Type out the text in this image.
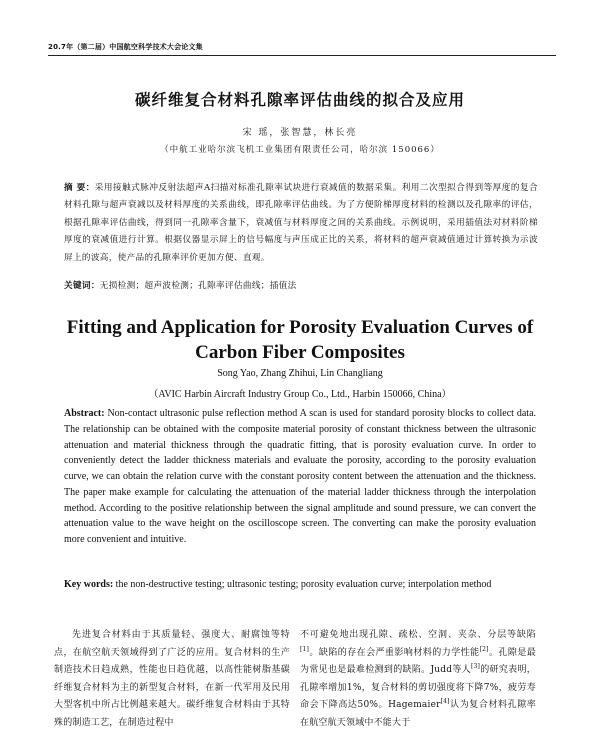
20.7年（第二届）中国航空科学技术大会论文集
碳纤维复合材料孔隙率评估曲线的拟合及应用
宋 瑶，张智慧，林长亮
（中航工业哈尔滨飞机工业集团有限责任公司，哈尔滨 150066）
摘 要：采用接触式脉冲反射法超声A扫描对标准孔隙率试块进行衰减值的数据采集。利用二次型拟合得到等厚度的复合材料孔隙与超声衰减以及材料厚度的关系曲线，即孔隙率评估曲线。为了方便阶梯厚度材料的检测以及孔隙率的评估，根据孔隙率评估曲线，得到同一孔隙率含量下，衰减值与材料厚度之间的关系曲线。示例说明，采用插值法对材料阶梯厚度的衰减值进行计算。根据仪器显示屏上的信号幅度与声压成正比的关系，将材料的超声衰减值通过计算转换为示波屏上的波高，使产品的孔隙率评价更加方便、直观。
关键词：无损检测；超声波检测；孔隙率评估曲线；插值法
Fitting and Application for Porosity Evaluation Curves of Carbon Fiber Composites
Song Yao, Zhang Zhihui, Lin Changliang
（AVIC Harbin Aircraft Industry Group Co., Ltd., Harbin 150066, China）
Abstract: Non-contact ultrasonic pulse reflection method A scan is used for standard porosity blocks to collect data. The relationship can be obtained with the composite material porosity of constant thickness between the ultrasonic attenuation and material thickness through the quadratic fitting, that is porosity evaluation curve. In order to conveniently detect the ladder thickness materials and evaluate the porosity, according to the porosity evaluation curve, we can obtain the relation curve with the constant porosity content between the attenuation and the thickness. The paper make example for calculating the attenuation of the material ladder thickness through the interpolation method. According to the positive relationship between the signal amplitude and sound pressure, we can convert the attenuation value to the wave height on the oscilloscope screen. The converting can make the porosity evaluation more convenient and intuitive.
Key words: the non-destructive testing; ultrasonic testing; porosity evaluation curve; interpolation method
先进复合材料由于其质量轻、强度大、耐腐蚀等特点，在航空航天领域得到了广泛的应用。复合材料的生产制造技术日趋成熟，性能也日趋优越，以高性能树脂基碳纤维复合材料为主的新型复合材料，在新一代军用及民用大型客机中所占比例越来越大。碳纤维复合材料由于其特殊的制造工艺，在制造过程中
不可避免地出现孔隙、疏松、空洞、夹杂、分层等缺陷[1]。缺陷的存在会严重影响材料的力学性能[2]。孔隙是最为常见也是最难检测到的缺陷。Judd等人[3]的研究表明，孔隙率增加1%，复合材料的剪切强度将下降7%，疲劳寿命会下降高达50%。Hagemaier[4]认为复合材料孔隙率在航空航天领域中不能大于
